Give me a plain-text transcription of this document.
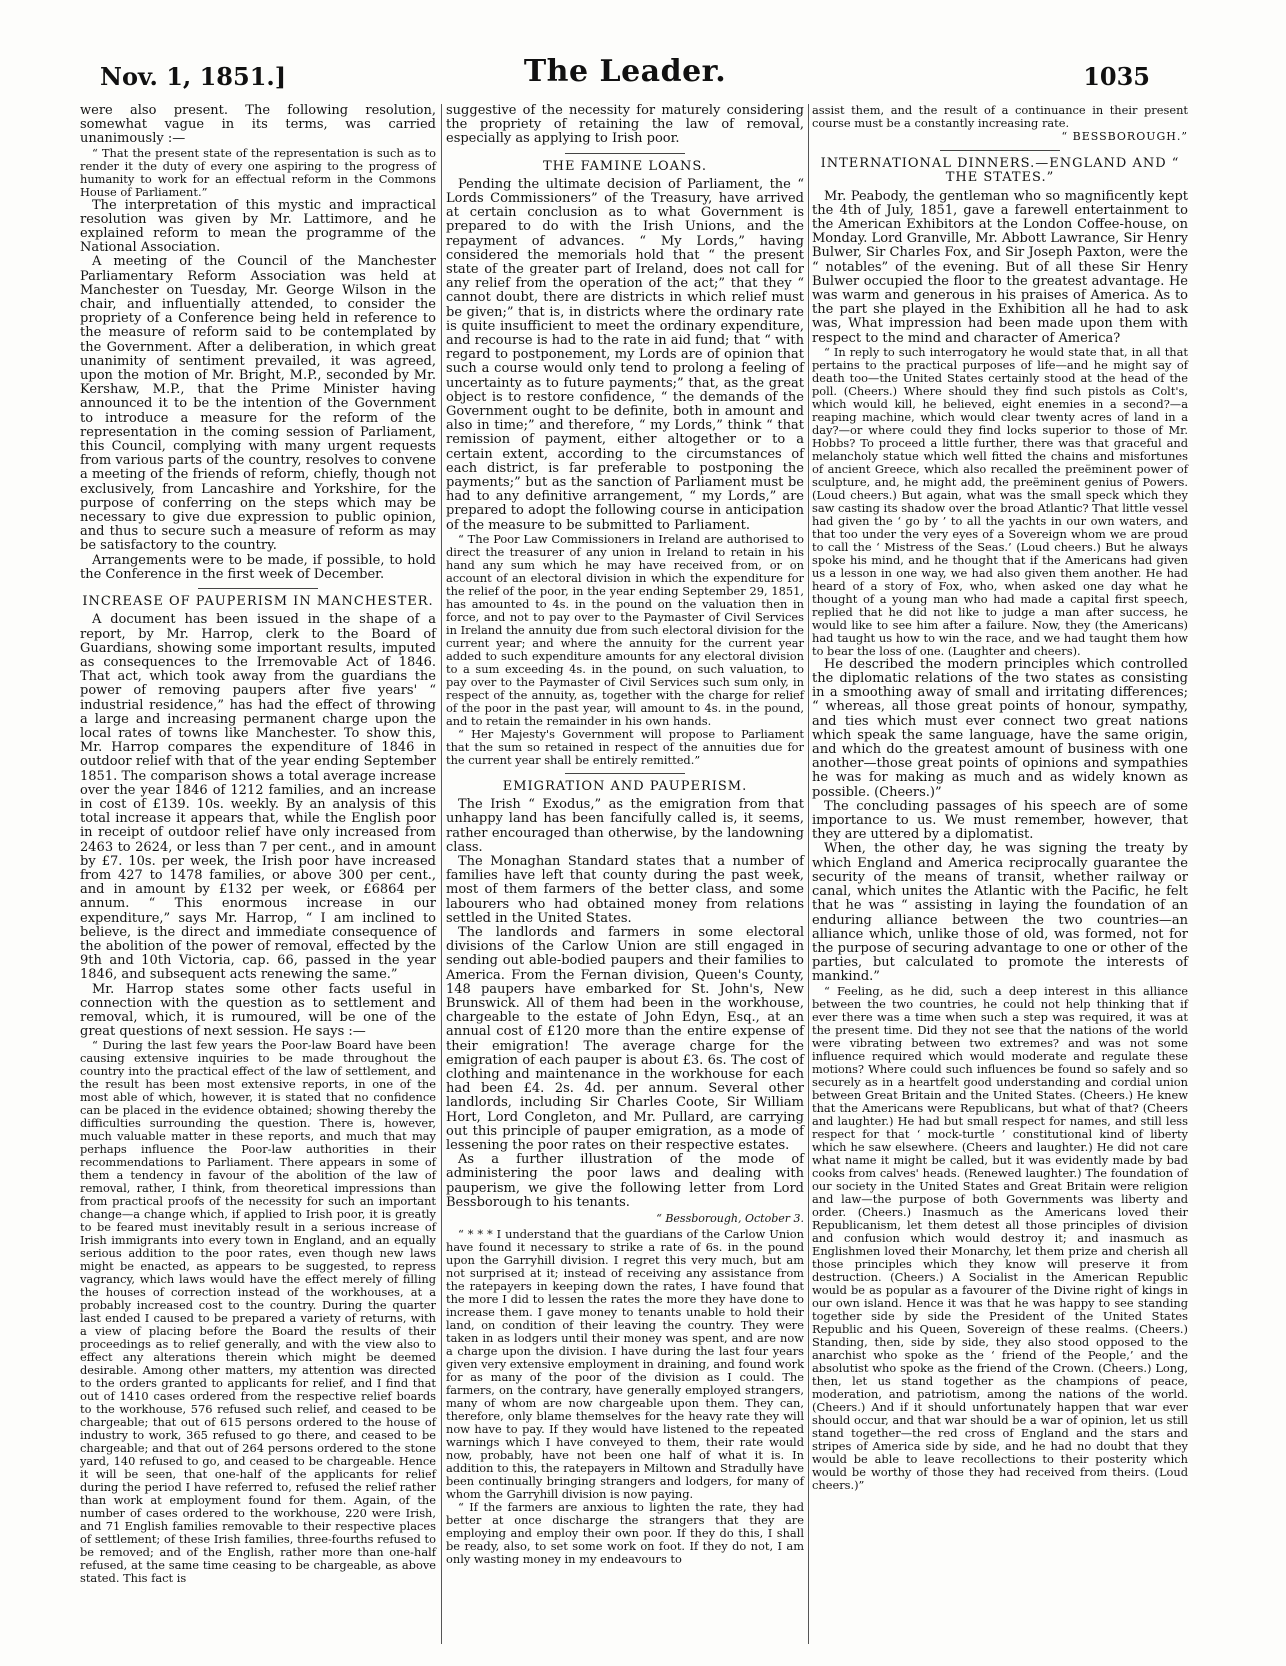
Nov. 1, 1851.]	The Leader.	1035

were also present. The following resolution, somewhat vague in its terms, was carried unanimously :—

“ That the present state of the representation is such as to render it the duty of every one aspiring to the progress of humanity to work for an effectual reform in the Commons House of Parliament.”

The interpretation of this mystic and impractical resolution was given by Mr. Lattimore, and he explained reform to mean the programme of the National Association.

A meeting of the Council of the Manchester Parliamentary Reform Association was held at Manchester on Tuesday, Mr. George Wilson in the chair, and influentially attended, to consider the propriety of a Conference being held in reference to the measure of reform said to be contemplated by the Government. After a deliberation, in which great unanimity of sentiment prevailed, it was agreed, upon the motion of Mr. Bright, M.P., seconded by Mr. Kershaw, M.P., that the Prime Minister having announced it to be the intention of the Government to introduce a measure for the reform of the representation in the coming session of Parliament, this Council, complying with many urgent requests from various parts of the country, resolves to convene a meeting of the friends of reform, chiefly, though not exclusively, from Lancashire and Yorkshire, for the purpose of conferring on the steps which may be necessary to give due expression to public opinion, and thus to secure such a measure of reform as may be satisfactory to the country.

Arrangements were to be made, if possible, to hold the Conference in the first week of December.

INCREASE OF PAUPERISM IN MANCHESTER.

A document has been issued in the shape of a report, by Mr. Harrop, clerk to the Board of Guardians, showing some important results, imputed as consequences to the Irremovable Act of 1846. That act, which took away from the guardians the power of removing paupers after five years' “ industrial residence,” has had the effect of throwing a large and increasing permanent charge upon the local rates of towns like Manchester. To show this, Mr. Harrop compares the expenditure of 1846 in outdoor relief with that of the year ending September 1851. The comparison shows a total average increase over the year 1846 of 1212 families, and an increase in cost of £139. 10s. weekly. By an analysis of this total increase it appears that, while the English poor in receipt of outdoor relief have only increased from 2463 to 2624, or less than 7 per cent., and in amount by £7. 10s. per week, the Irish poor have increased from 427 to 1478 families, or above 300 per cent., and in amount by £132 per week, or £6864 per annum. “ This enormous increase in our expenditure,” says Mr. Harrop, “ I am inclined to believe, is the direct and immediate consequence of the abolition of the power of removal, effected by the 9th and 10th Victoria, cap. 66, passed in the year 1846, and subsequent acts renewing the same.”

Mr. Harrop states some other facts useful in connection with the question as to settlement and removal, which, it is rumoured, will be one of the great questions of next session. He says :—

“ During the last few years the Poor-law Board have been causing extensive inquiries to be made throughout the country into the practical effect of the law of settlement, and the result has been most extensive reports, in one of the most able of which, however, it is stated that no confidence can be placed in the evidence obtained; showing thereby the difficulties surrounding the question. There is, however, much valuable matter in these reports, and much that may perhaps influence the Poor-law authorities in their recommendations to Parliament. There appears in some of them a tendency in favour of the abolition of the law of removal, rather, I think, from theoretical impressions than from practical proofs of the necessity for such an important change—a change which, if applied to Irish poor, it is greatly to be feared must inevitably result in a serious increase of Irish immigrants into every town in England, and an equally serious addition to the poor rates, even though new laws might be enacted, as appears to be suggested, to repress vagrancy, which laws would have the effect merely of filling the houses of correction instead of the workhouses, at a probably increased cost to the country. During the quarter last ended I caused to be prepared a variety of returns, with a view of placing before the Board the results of their proceedings as to relief generally, and with the view also to effect any alterations therein which might be deemed desirable. Among other matters, my attention was directed to the orders granted to applicants for relief, and I find that out of 1410 cases ordered from the respective relief boards to the workhouse, 576 refused such relief, and ceased to be chargeable; that out of 615 persons ordered to the house of industry to work, 365 refused to go there, and ceased to be chargeable; and that out of 264 persons ordered to the stone yard, 140 refused to go, and ceased to be chargeable. Hence it will be seen, that one-half of the applicants for relief during the period I have referred to, refused the relief rather than work at employment found for them. Again, of the number of cases ordered to the workhouse, 220 were Irish, and 71 English families removable to their respective places of settlement; of these Irish families, three-fourths refused to be removed; and of the English, rather more than one-half refused, at the same time ceasing to be chargeable, as above stated. This fact is

suggestive of the necessity for maturely considering the propriety of retaining the law of removal, especially as applying to Irish poor.

THE FAMINE LOANS.

Pending the ultimate decision of Parliament, the “ Lords Commissioners” of the Treasury, have arrived at certain conclusion as to what Government is prepared to do with the Irish Unions, and the repayment of advances. “ My Lords,” having considered the memorials hold that “ the present state of the greater part of Ireland, does not call for any relief from the operation of the act;” that they “ cannot doubt, there are districts in which relief must be given;” that is, in districts where the ordinary rate is quite insufficient to meet the ordinary expenditure, and recourse is had to the rate in aid fund; that “ with regard to postponement, my Lords are of opinion that such a course would only tend to prolong a feeling of uncertainty as to future payments;” that, as the great object is to restore confidence, “ the demands of the Government ought to be definite, both in amount and also in time;” and therefore, “ my Lords,” think “ that remission of payment, either altogether or to a certain extent, according to the circumstances of each district, is far preferable to postponing the payments;” but as the sanction of Parliament must be had to any definitive arrangement, “ my Lords,” are prepared to adopt the following course in anticipation of the measure to be submitted to Parliament.

“ The Poor Law Commissioners in Ireland are authorised to direct the treasurer of any union in Ireland to retain in his hand any sum which he may have received from, or on account of an electoral division in which the expenditure for the relief of the poor, in the year ending September 29, 1851, has amounted to 4s. in the pound on the valuation then in force, and not to pay over to the Paymaster of Civil Services in Ireland the annuity due from such electoral division for the current year; and where the annuity for the current year added to such expenditure amounts for any electoral division to a sum exceeding 4s. in the pound, on such valuation, to pay over to the Paymaster of Civil Services such sum only, in respect of the annuity, as, together with the charge for relief of the poor in the past year, will amount to 4s. in the pound, and to retain the remainder in his own hands.

“ Her Majesty's Government will propose to Parliament that the sum so retained in respect of the annuities due for the current year shall be entirely remitted.”

EMIGRATION AND PAUPERISM.

The Irish “ Exodus,” as the emigration from that unhappy land has been fancifully called is, it seems, rather encouraged than otherwise, by the landowning class.

The Monaghan Standard states that a number of families have left that county during the past week, most of them farmers of the better class, and some labourers who had obtained money from relations settled in the United States.

The landlords and farmers in some electoral divisions of the Carlow Union are still engaged in sending out able-bodied paupers and their families to America. From the Fernan division, Queen's County, 148 paupers have embarked for St. John's, New Brunswick. All of them had been in the workhouse, chargeable to the estate of John Edyn, Esq., at an annual cost of £120 more than the entire expense of their emigration! The average charge for the emigration of each pauper is about £3. 6s. The cost of clothing and maintenance in the workhouse for each had been £4. 2s. 4d. per annum. Several other landlords, including Sir Charles Coote, Sir William Hort, Lord Congleton, and Mr. Pullard, are carrying out this principle of pauper emigration, as a mode of lessening the poor rates on their respective estates.

As a further illustration of the mode of administering the poor laws and dealing with pauperism, we give the following letter from Lord Bessborough to his tenants.

“ Bessborough, October 3.

“ * * * I understand that the guardians of the Carlow Union have found it necessary to strike a rate of 6s. in the pound upon the Garryhill division. I regret this very much, but am not surprised at it; instead of receiving any assistance from the ratepayers in keeping down the rates, I have found that the more I did to lessen the rates the more they have done to increase them. I gave money to tenants unable to hold their land, on condition of their leaving the country. They were taken in as lodgers until their money was spent, and are now a charge upon the division. I have during the last four years given very extensive employment in draining, and found work for as many of the poor of the division as I could. The farmers, on the contrary, have generally employed strangers, many of whom are now chargeable upon them. They can, therefore, only blame themselves for the heavy rate they will now have to pay. If they would have listened to the repeated warnings which I have conveyed to them, their rate would now, probably, have not been one half of what it is. In addition to this, the ratepayers in Miltown and Stradully have been continually bringing strangers and lodgers, for many of whom the Garryhill division is now paying.

“ If the farmers are anxious to lighten the rate, they had better at once discharge the strangers that they are employing and employ their own poor. If they do this, I shall be ready, also, to set some work on foot. If they do not, I am only wasting money in my endeavours to

assist them, and the result of a continuance in their present course must be a constantly increasing rate.

“ BESSBOROUGH.”
INTERNATIONAL DINNERS.—ENGLAND AND “ THE STATES.”

Mr. Peabody, the gentleman who so magnificently kept the 4th of July, 1851, gave a farewell entertainment to the American Exhibitors at the London Coffee-house, on Monday. Lord Granville, Mr. Abbott Lawrance, Sir Henry Bulwer, Sir Charles Fox, and Sir Joseph Paxton, were the “ notables” of the evening. But of all these Sir Henry Bulwer occupied the floor to the greatest advantage. He was warm and generous in his praises of America. As to the part she played in the Exhibition all he had to ask was, What impression had been made upon them with respect to the mind and character of America?

“ In reply to such interrogatory he would state that, in all that pertains to the practical purposes of life—and he might say of death too—the United States certainly stood at the head of the poll. (Cheers.) Where should they find such pistols as Colt's, which would kill, he believed, eight enemies in a second?—a reaping machine, which would clear twenty acres of land in a day?—or where could they find locks superior to those of Mr. Hobbs? To proceed a little further, there was that graceful and melancholy statue which well fitted the chains and misfortunes of ancient Greece, which also recalled the preëminent power of sculpture, and, he might add, the preëminent genius of Powers. (Loud cheers.) But again, what was the small speck which they saw casting its shadow over the broad Atlantic? That little vessel had given the ‘ go by ’ to all the yachts in our own waters, and that too under the very eyes of a Sovereign whom we are proud to call the ‘ Mistress of the Seas.’ (Loud cheers.) But he always spoke his mind, and he thought that if the Americans had given us a lesson in one way, we had also given them another. He had heard of a story of Fox, who, when asked one day what he thought of a young man who had made a capital first speech, replied that he did not like to judge a man after success, he would like to see him after a failure. Now, they (the Americans) had taught us how to win the race, and we had taught them how to bear the loss of one. (Laughter and cheers).

He described the modern principles which controlled the diplomatic relations of the two states as consisting in a smoothing away of small and irritating differences; “ whereas, all those great points of honour, sympathy, and ties which must ever connect two great nations which speak the same language, have the same origin, and which do the greatest amount of business with one another—those great points of opinions and sympathies he was for making as much and as widely known as possible. (Cheers.)”

The concluding passages of his speech are of some importance to us. We must remember, however, that they are uttered by a diplomatist.

When, the other day, he was signing the treaty by which England and America reciprocally guarantee the security of the means of transit, whether railway or canal, which unites the Atlantic with the Pacific, he felt that he was “ assisting in laying the foundation of an enduring alliance between the two countries—an alliance which, unlike those of old, was formed, not for the purpose of securing advantage to one or other of the parties, but calculated to promote the interests of mankind.”

“ Feeling, as he did, such a deep interest in this alliance between the two countries, he could not help thinking that if ever there was a time when such a step was required, it was at the present time. Did they not see that the nations of the world were vibrating between two extremes? and was not some influence required which would moderate and regulate these motions? Where could such influences be found so safely and so securely as in a heartfelt good understanding and cordial union between Great Britain and the United States. (Cheers.) He knew that the Americans were Republicans, but what of that? (Cheers and laughter.) He had but small respect for names, and still less respect for that ‘ mock-turtle ’ constitutional kind of liberty which he saw elsewhere. (Cheers and laughter.) He did not care what name it might be called, but it was evidently made by bad cooks from calves' heads. (Renewed laughter.) The foundation of our society in the United States and Great Britain were religion and law—the purpose of both Governments was liberty and order. (Cheers.) Inasmuch as the Americans loved their Republicanism, let them detest all those principles of division and confusion which would destroy it; and inasmuch as Englishmen loved their Monarchy, let them prize and cherish all those principles which they know will preserve it from destruction. (Cheers.) A Socialist in the American Republic would be as popular as a favourer of the Divine right of kings in our own island. Hence it was that he was happy to see standing together side by side the President of the United States Republic and his Queen, Sovereign of these realms. (Cheers.) Standing, then, side by side, they also stood opposed to the anarchist who spoke as the ‘ friend of the People,’ and the absolutist who spoke as the friend of the Crown. (Cheers.) Long, then, let us stand together as the champions of peace, moderation, and patriotism, among the nations of the world. (Cheers.) And if it should unfortunately happen that war ever should occur, and that war should be a war of opinion, let us still stand together—the red cross of England and the stars and stripes of America side by side, and he had no doubt that they would be able to leave recollections to their posterity which would be worthy of those they had received from theirs. (Loud cheers.)”
